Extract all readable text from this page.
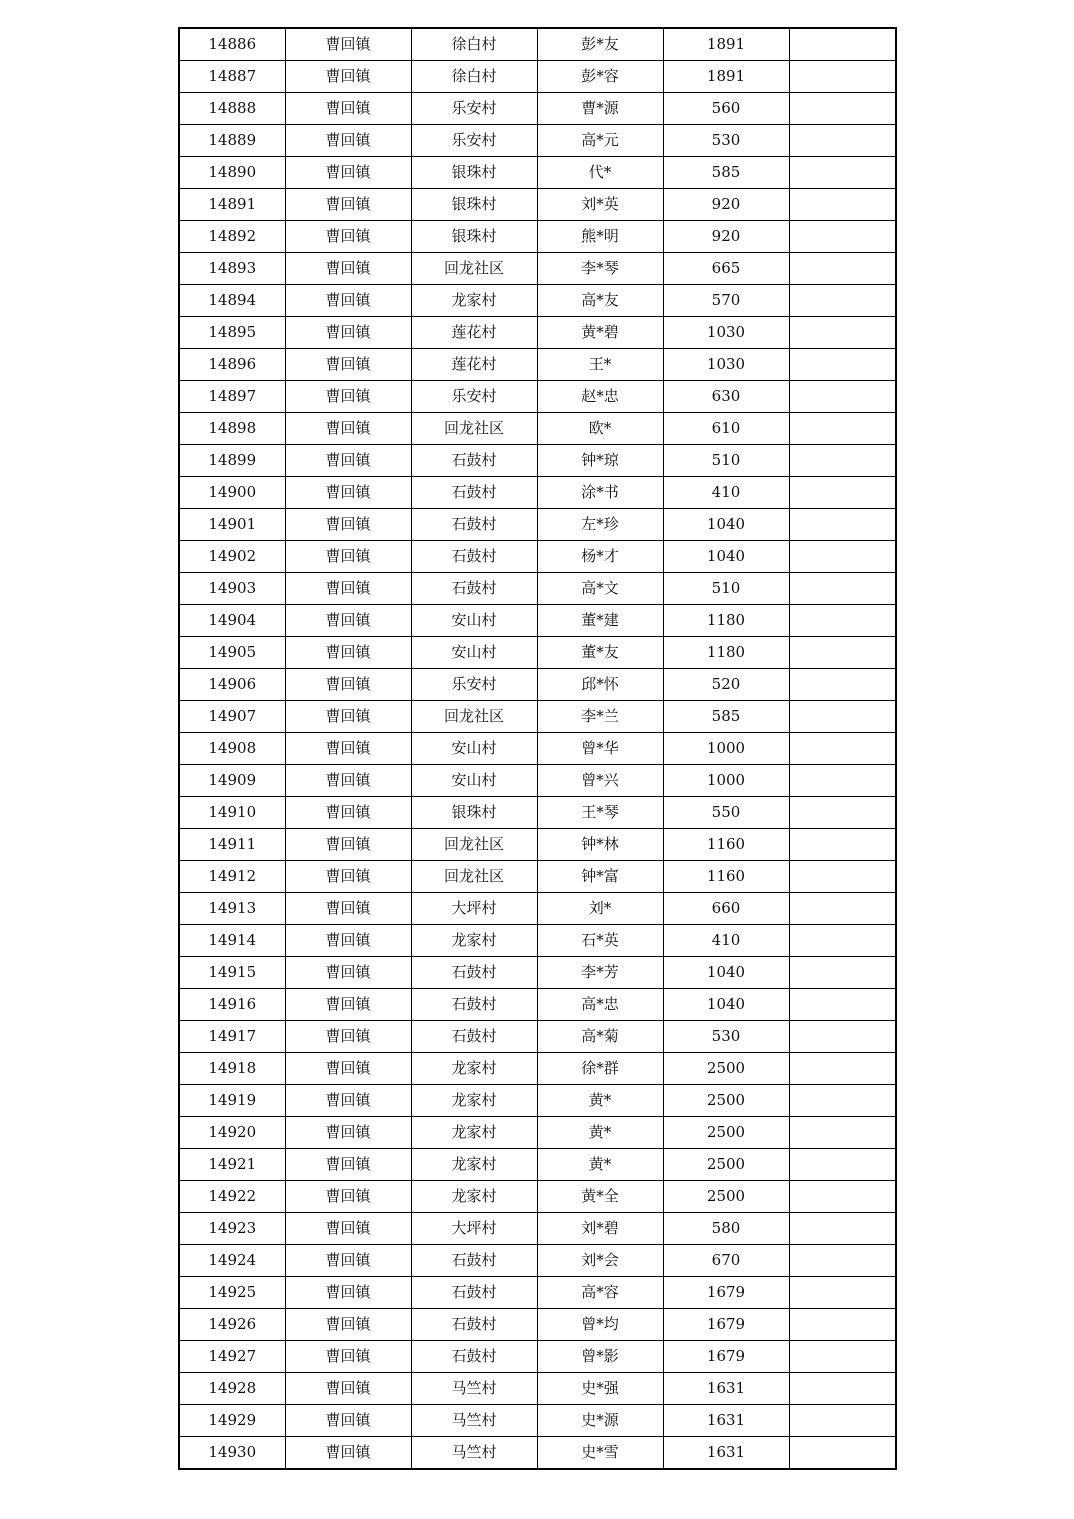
14886	曹回镇	徐白村	彭*友	1891	
14887	曹回镇	徐白村	彭*容	1891	
14888	曹回镇	乐安村	曹*源	560	
14889	曹回镇	乐安村	高*元	530	
14890	曹回镇	银珠村	代*	585	
14891	曹回镇	银珠村	刘*英	920	
14892	曹回镇	银珠村	熊*明	920	
14893	曹回镇	回龙社区	李*琴	665	
14894	曹回镇	龙家村	高*友	570	
14895	曹回镇	莲花村	黄*碧	1030	
14896	曹回镇	莲花村	王*	1030	
14897	曹回镇	乐安村	赵*忠	630	
14898	曹回镇	回龙社区	欧*	610	
14899	曹回镇	石鼓村	钟*琼	510	
14900	曹回镇	石鼓村	涂*书	410	
14901	曹回镇	石鼓村	左*珍	1040	
14902	曹回镇	石鼓村	杨*才	1040	
14903	曹回镇	石鼓村	高*文	510	
14904	曹回镇	安山村	董*建	1180	
14905	曹回镇	安山村	董*友	1180	
14906	曹回镇	乐安村	邱*怀	520	
14907	曹回镇	回龙社区	李*兰	585	
14908	曹回镇	安山村	曾*华	1000	
14909	曹回镇	安山村	曾*兴	1000	
14910	曹回镇	银珠村	王*琴	550	
14911	曹回镇	回龙社区	钟*林	1160	
14912	曹回镇	回龙社区	钟*富	1160	
14913	曹回镇	大坪村	刘*	660	
14914	曹回镇	龙家村	石*英	410	
14915	曹回镇	石鼓村	李*芳	1040	
14916	曹回镇	石鼓村	高*忠	1040	
14917	曹回镇	石鼓村	高*菊	530	
14918	曹回镇	龙家村	徐*群	2500	
14919	曹回镇	龙家村	黄*	2500	
14920	曹回镇	龙家村	黄*	2500	
14921	曹回镇	龙家村	黄*	2500	
14922	曹回镇	龙家村	黄*全	2500	
14923	曹回镇	大坪村	刘*碧	580	
14924	曹回镇	石鼓村	刘*会	670	
14925	曹回镇	石鼓村	高*容	1679	
14926	曹回镇	石鼓村	曾*均	1679	
14927	曹回镇	石鼓村	曾*影	1679	
14928	曹回镇	马竺村	史*强	1631	
14929	曹回镇	马竺村	史*源	1631	
14930	曹回镇	马竺村	史*雪	1631	
